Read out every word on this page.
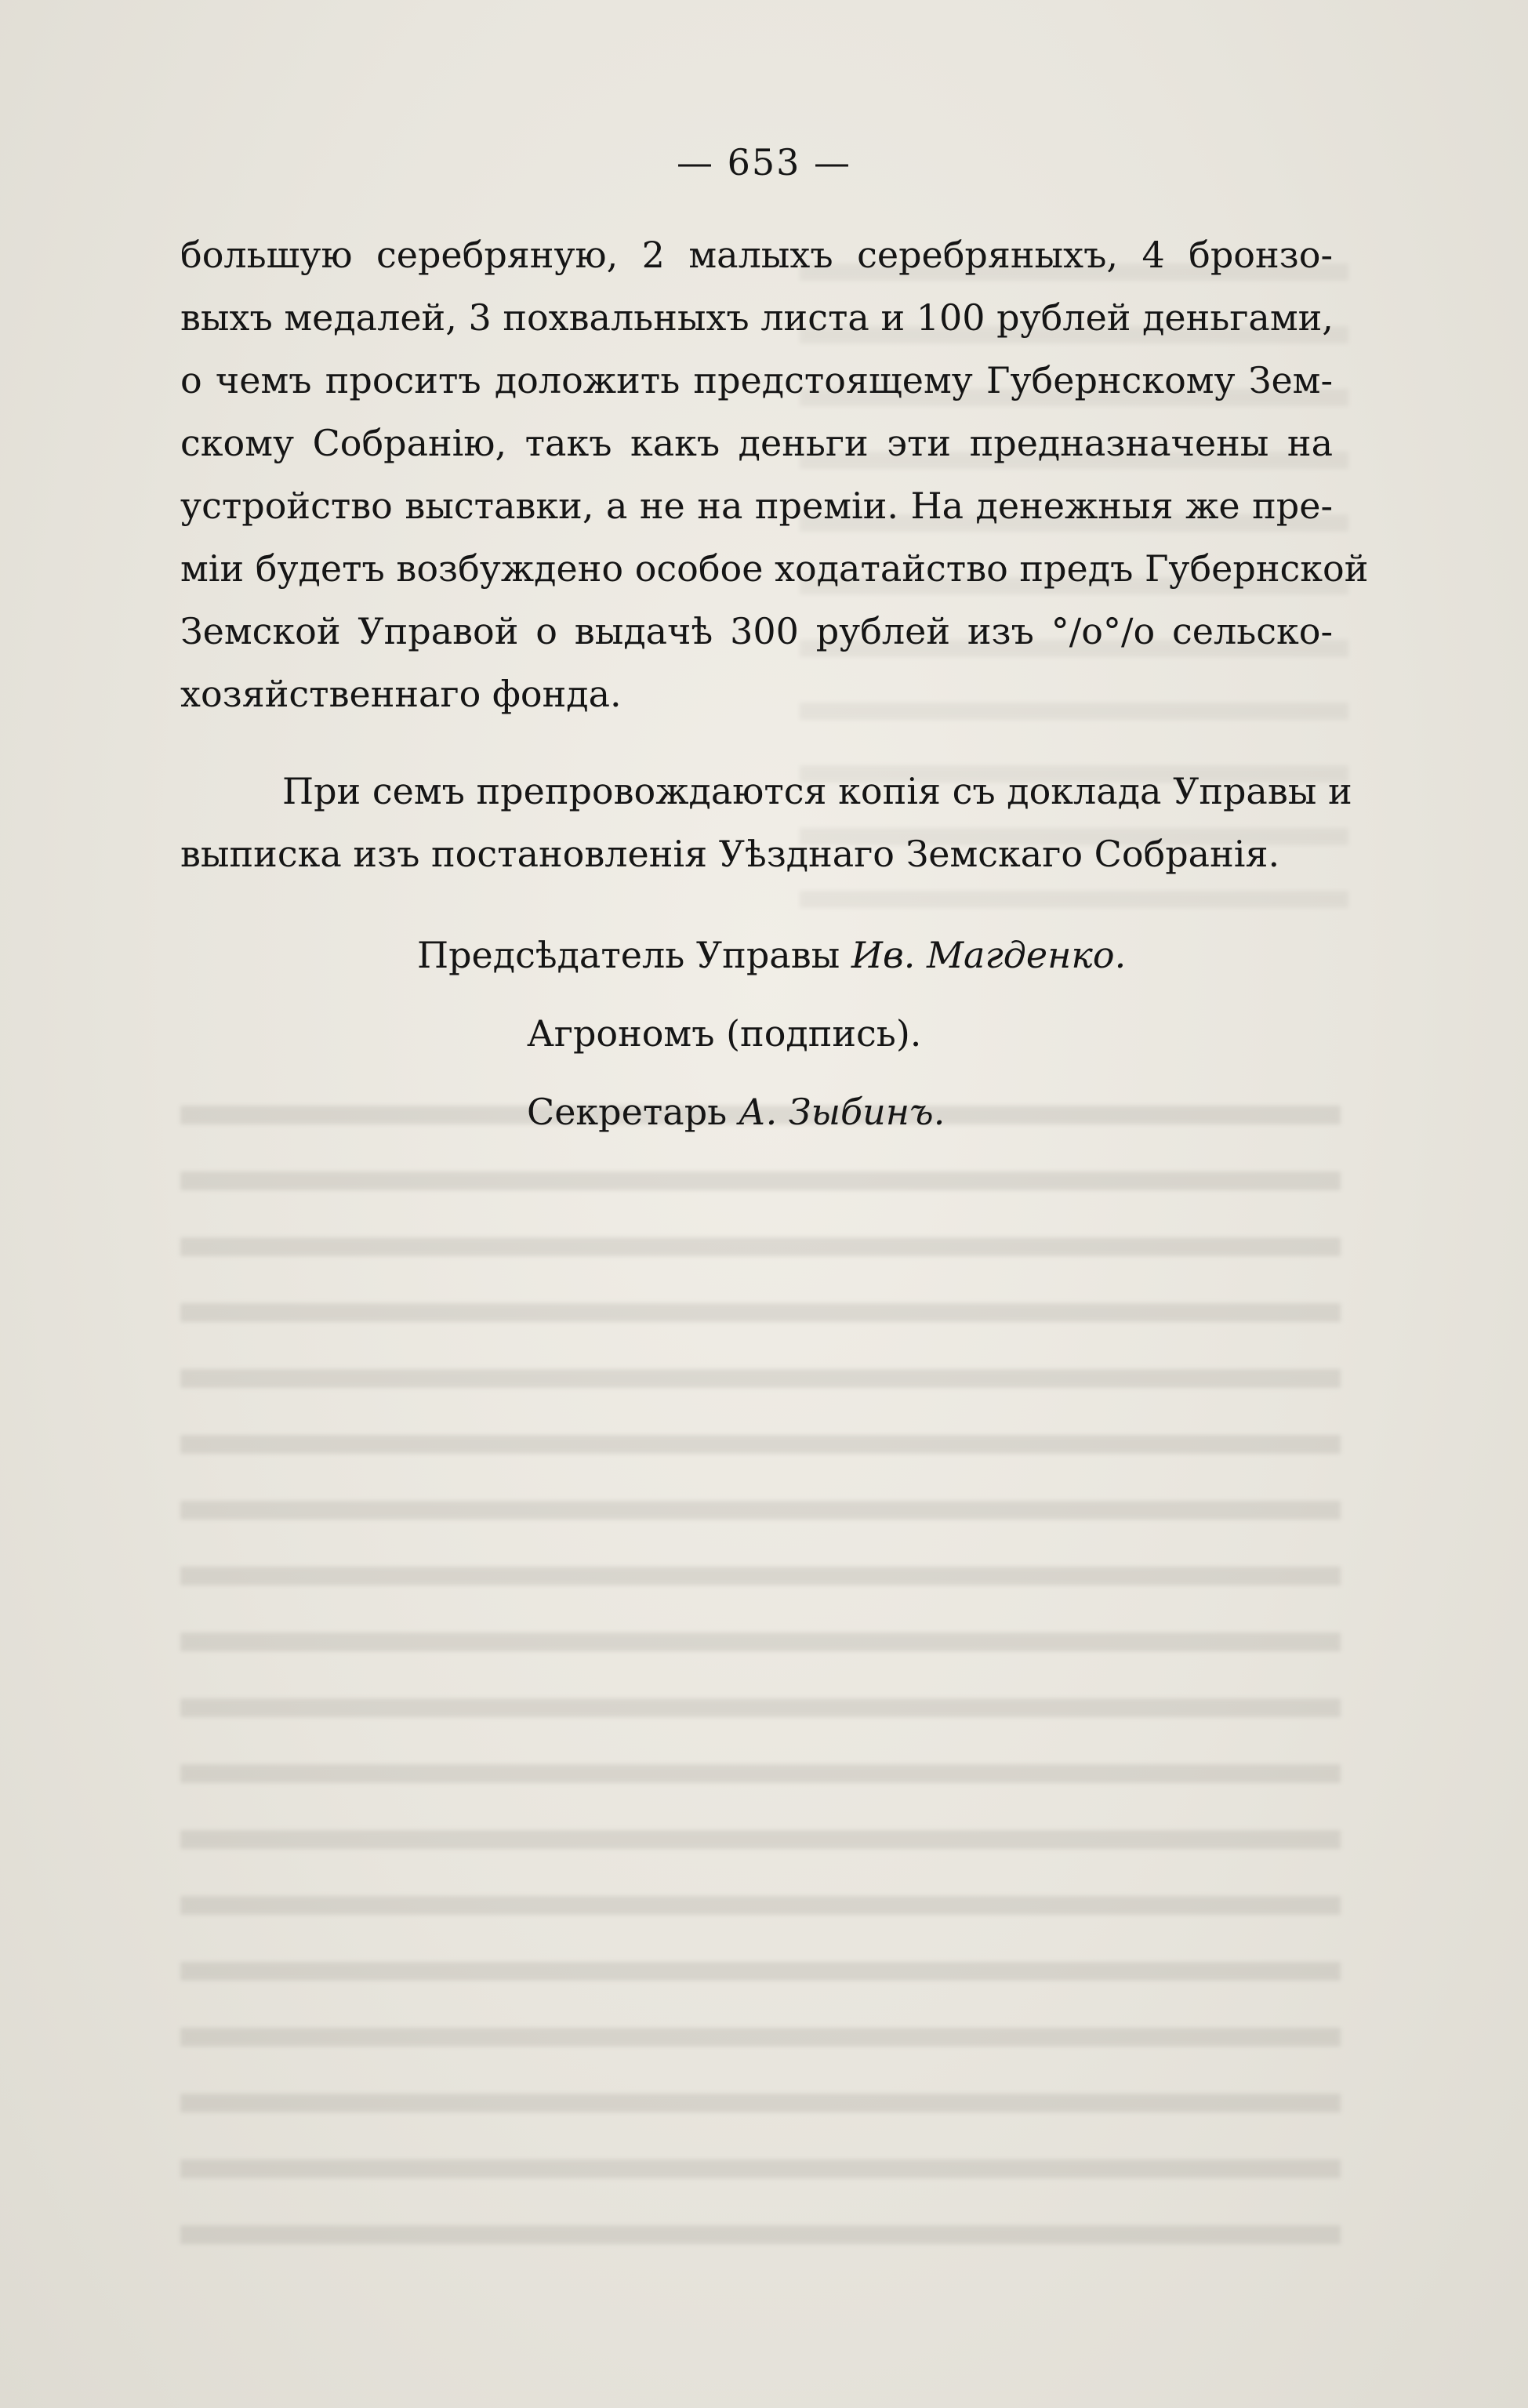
— 653 —
большую серебряную, 2 малыхъ серебряныхъ, 4 бронзо-
выхъ медалей, 3 похвальныхъ листа и 100 рублей деньгами,
о чемъ проситъ доложить предстоящему Губернскому Зем-
скому Собранію, такъ какъ деньги эти предназначены на
устройство выставки, а не на преміи. На денежныя же пре-
міи будетъ возбуждено особое ходатайство предъ Губернской
Земской Управой о выдачѣ 300 рублей изъ °/о°/о сельско-
хозяйственнаго фонда.
При семъ препровождаются копія съ доклада Управы и
выписка изъ постановленія Уѣзднаго Земскаго Собранія.
Предсѣдатель Управы Ив. Магденко.
Агрономъ (подпись).
Секретарь А. Зыбинъ.
